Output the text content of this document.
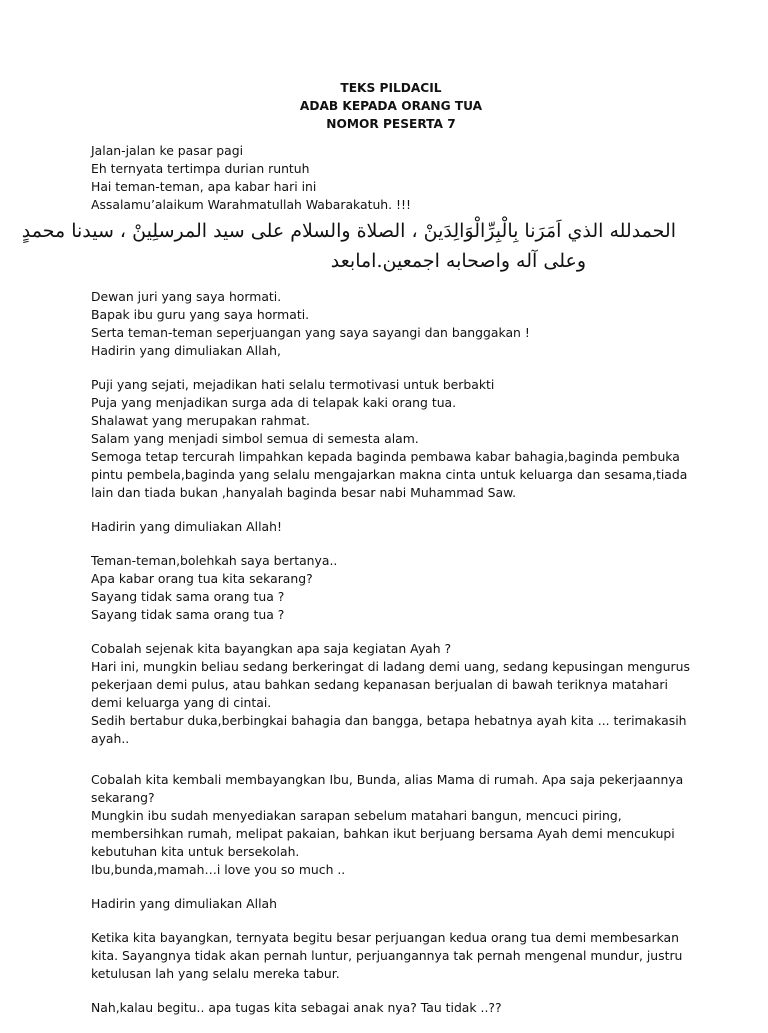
TEKS PILDACIL
ADAB KEPADA ORANG TUA
NOMOR PESERTA 7
Jalan-jalan ke pasar pagi
Eh ternyata tertimpa durian runtuh
Hai teman-teman, apa kabar hari ini
Assalamu’alaikum Warahmatullah Wabarakatuh. !!!
الحمدلله الذي اَمَرَنا بِالْبِرِّالْوَالِدَينْ ، الصلاة والسلام على سيد المرسلِينْ ، سيدنا محمدٍ
وعلى آله واصحابه اجمعين.امابعد
Dewan juri yang saya hormati.
Bapak ibu guru yang saya hormati.
Serta teman-teman seperjuangan yang saya sayangi dan banggakan !
Hadirin yang dimuliakan Allah,
Puji yang sejati, mejadikan hati selalu termotivasi untuk berbakti
Puja yang menjadikan surga ada di telapak kaki orang tua.
Shalawat yang merupakan rahmat.
Salam yang menjadi simbol semua di semesta alam.
Semoga tetap tercurah limpahkan kepada baginda pembawa kabar bahagia,baginda pembuka
pintu pembela,baginda yang selalu mengajarkan makna cinta untuk keluarga dan sesama,tiada
lain dan tiada bukan ,hanyalah baginda besar nabi Muhammad Saw.
Hadirin yang dimuliakan Allah!
Teman-teman,bolehkah saya bertanya..
Apa kabar orang tua kita sekarang?
Sayang tidak sama orang tua ?
Sayang tidak sama orang tua ?
Cobalah sejenak kita bayangkan apa saja kegiatan Ayah ?
Hari ini, mungkin beliau sedang berkeringat di ladang demi uang, sedang kepusingan mengurus
pekerjaan demi pulus, atau bahkan sedang kepanasan berjualan di bawah teriknya matahari
demi keluarga yang di cintai.
Sedih bertabur duka,berbingkai bahagia dan bangga, betapa hebatnya ayah kita ... terimakasih
ayah..
Cobalah kita kembali membayangkan Ibu, Bunda, alias Mama di rumah. Apa saja pekerjaannya
sekarang?
Mungkin ibu sudah menyediakan sarapan sebelum matahari bangun, mencuci piring,
membersihkan rumah, melipat pakaian, bahkan ikut berjuang bersama Ayah demi mencukupi
kebutuhan kita untuk bersekolah.
Ibu,bunda,mamah…i love you so much ..
Hadirin yang dimuliakan Allah
Ketika kita bayangkan, ternyata begitu besar perjuangan kedua orang tua demi membesarkan
kita. Sayangnya tidak akan pernah luntur, perjuangannya tak pernah mengenal mundur, justru
ketulusan lah yang selalu mereka tabur.
Nah,kalau begitu.. apa tugas kita sebagai anak nya? Tau tidak ..??
